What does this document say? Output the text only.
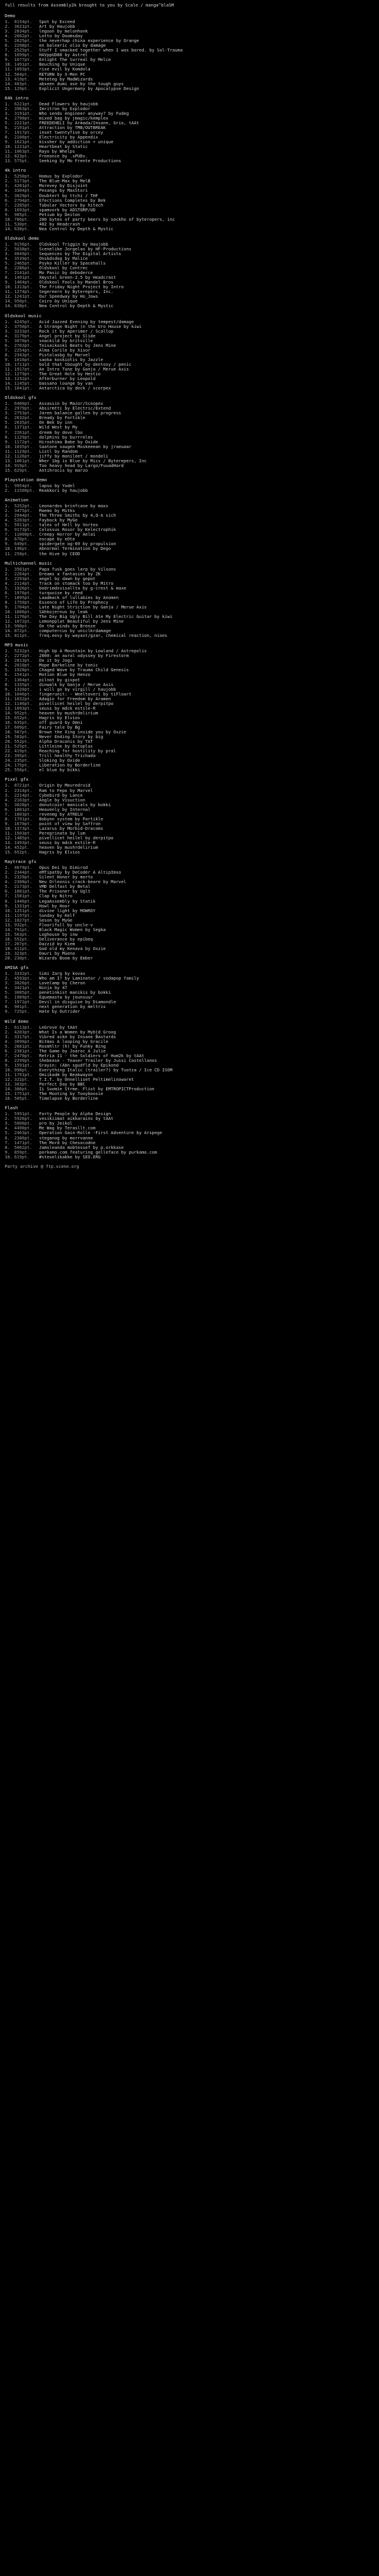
full results from Assembly2k brought to you by Scale / manga^blaSM
Demo
1. 8154pt. Spot by Exceed
2. 3621pt. Art by Haujobb
3. 2834pt. legoon by melonhonk
4. 2662pt. Lotto by Doomsday
5. 2625pt. the neverhap china experience by Orange
6. 2298pt. en balearic olio by damage
7. 2525pt. Stuff I smacked together when I was bored. by Sol-Trauma
8. 1699pt. HAVppUD88 by Astrel
9. 1677pt. Enlight The Surreal by Melce
10. 1491pt. Beuching by Unique
11. 1093pt. rise evil by Komdola
12. 564pt. RETURN by X-Men PC
13. 419pt. Meteteg by MadWizards
14. 403pt. abseen dumi ase by the tough guys
15. 129pt. Explicit Ungermany by Apocalypse Design
64k intro
1. 6221pt. Dead Flowers by haujobb
2. 3963pt. Imritron by Explodor
3. 3191pt. Who sends engineer anyway? by Fudeg
4. 2790pt. mixed bag by jmagic/kemplex
5. 2221pt. FREEDEHELI by Armada/Insane, Grio, tAAt
6. 2191pt. Attraction by TMB/OUTBREAK
7. 1917pt. inset twentyfive by orcey
8. 2100pt. Electricity by Appendix
9. 1621pt. kissher by addiction + unique
10. 1221pt. Heartbeat by Static
11. 1063pt. Rayo by Whelps
12. 823pt. Freeonce by .sPUDs.
13. 575pt. Seeking by Mo Frente Productions
4k intro
1. 5250pt. Homus by Explodor
2. 5173pt. The Blue-Max by MelB
3. 4281pt. Morevey by Disjoint
4. 3304pt. Pesangs by MaxStori
5. 3029pt. Doubtert by ttchi / THF
6. 2794pt. Efections Completes by Bek
7. 2285pt. Tubular Vectors by hitech
8. 1693pt. spamvork by ADSTORP/UD
9. 985pt. Petium by Deiton
10. 786pt. 200 bytes of party beers by sockho of byteropers, inc
11. 530pt. 402 by Headcrash
14. 638pt. Nea Control by Depth & Mystic
Oldskool demo
1. 9156pt. Oldskool Triggin by Haujobb
2. 5038pt. Scenelike Jorgelas by HF-Productions
3. 4049pt. Sequences by The Digital Artists
4. 3539pt. Onskdsdog by Malice
5. 2465pt. Psyko Killer by Spacehalls
6. 2286pt. Oldskool by Contrec
7. 2141pt. Mo Pasic by deboderce
8. 1491pt. Xmystal Green-2.5 by Headcrast
9. 1464pt. Oldskool Fools by Mandel Bros
10. 1313pt. The Friday Night Project by Intro
11. 1274pt. Segereern by Byterepers, Inc.
12. 1241pt. Our Speedway by Ho_Jows
14. 950pt. Coiro by Unique
14. 838pt. Nea Control by Depth & Mystic
Oldskool music
1. 4245pt. Acid Jazzed Evening by tempest/damage
2. 3750pt. A Strange Night (n the Uro House by kiwi
3. 3233pt. Rock it by Aperimer / Scallop
4. 3179pt. Angel project by Slide
5. 3070pt. snackild by britville
6. 2703pt. Toisaikoski Beats by Jens Mine
7. 2254pt. Alma Corile by Xisor
8. 2343pt. Pistolasbg by Marvel
9. 1016pt. saoka koskiotis by Jazzle
10. 1711pt. bold that tbought by dentoxy / penic
11. 1917pt. An Intro Tune by Ganja / Merue Axis
12. 1279pt. The Great Hole by Hestio
13. 1232pt. Afterburner by Leopold
14. 1145pt. bassano lounge by van
15. 1041pt. Antarctica by deck / scorpex
Oldskool gfx
1. 6400pt. Assassin by Mazor/Scoopex
2. 2979pt. Absirmtti by Electric/Extend
3. 2753pt. Jaren balance gallen by progress
4. 2632pt. Bready by Fortikle
5. 2635pt. On Bek by inn
6. 1371pt. Wild West by My
7. 2261pt. dreem by dove lbo
8. 1129pt. dolphins by burrreles
9. 1172pt. Hiroshima Babe by Oxide
10. 1035pt. Saatone saugen Moskeeean by jraeuaar
11. 1129pt. Listl by Random
12. 1126pt. jiffy by monileet / mondeli
13. 1061pt. Wher 1bg is Blue by Mics / Byterepers, Inc
14. 919pt. Too heavy head by Largo/FuuadHard
15. 629pt. Antihrocis by marzo
Playstation demo
1. 9954pt. lapso by Yodel
2. 11500pt. Reakkori by haujobb
Animation
1. 5252pt. Leonardos brinfcase by maxs
2. 3475pt. Maemo by Mitks
3. 2944pt. The Three Smiths by 4,Q-A sich
4. 5203pt. Faybock by MyGe
5. 5911pt. tales of Hell by Vortex
6. 9173pt. Colossus Rosor by Kelectrophik
7. 11000pt. Creepy Horror by Aelai
8. 670pt. escape by eOte
9. 649pt. spidergate og-69 by propulsion
10. 196pt. Abnormal Termination by Dego
11. 258pt. the Hive by CEOD
Multichannel music
1. 3501pt. Papa fusk goes larp by Vilsons
2. 2264pt. Dreams a fantasies by ZK
3. 2293pt. angel by dawn by gepot
4. 2114pt. Track on stomack too by Mitro
5. 1926pt. bodrimdsvisallta by g-crest & maxe
6. 1976pt. turquoise by reed
7. 1895pt. Laadmack of lullabies by Anomen
8. 1750pt. Essence of Life by Prophecy
9. 1704pt. Late Night Striction by Ganja / Merue Axis
10. 1606pt. SAhkojernus by leak
11. 1176pt. The Day Big Ugly Bill Ate My Electric Guitar by kiwi
12. 1072pt. Lemonpplat Beautiful by Jens Mine
13. 990pt. On the winds by Brenze
14. 872pt. computercus by uniclkrdamage
15. 811pt. freq.eesy by wayast/gzar, chemical reaction, nioes
MP3 music
1. 5232pt. High Up A Mountain by Lowland / Astrepolis
2. 2272pt. 2000: an aural odyssey by Firestorm
3. 2813pt. Do it by Jogi
4. 2010pt. Mope Barkeline by tonic
5. 1928pt. Chaged Wave by Trauma Child Genesis
6. 1541pt. Motion Blue by Henzo
7. 1364pt. pilnot by gispot
8. 1335pt. dinwalk by Ganja / Merue Axis
9. 1320pt. i will go by virgill / haujobb
10. 1046pt. fingerunit: - Weeltoveri by tiFloart
11. 1032pt. Adagio for Freedom by Aramen
12. 1146pt. pivellicet heilel by derpitpo
13. 1093pt. seuss by mdck estile-R
14. 952pt. heaven by mushrdelirium
15. 652pt. Hagris by Elvios
16. 635pt. off guard by Omni
17. 609pt. Fairy tale by Bg
18. 567pt. Brown the Xing inside you by Oxzie
19. 503pt. Never Ending Story by big
20. 552pt. Alpha Draconis by TAT
21. 525pt. Littleine by Octoplus
22. 419pt. Reaching for hostility by pral
23. 395pt. Trill healthy Trichada
24. 235pt. Sloking by Oxide
24. 175pt. Liberation by Borderline
25. 556pt. el blue by bikki
Pixel gfx
1. 8721pt. Origin by Meuredrvid
2. 2314pt. Ram to Fepo by Marvel
3. 2214pt. Cybebird by Lance
4. 2163pt. Angle by Visuction
5. 3028pt. donutcoin! manicals by bokki
6. 1801pt. Heavenly by Internal
7. 1803pt. revenmg by ATRELU
8. 1791pt. Bobynn system by Partikle
9. 1670pt. point of view by Saffron
10. 1373pt. Lazarus by Morbid-Dracoms
11. 1503pt. Peregrinato by lum
12. 1485pt. pivellicet heilel by derpitpo
13. 1493pt. seuss by mdck estile-R
14. 452pt. heaven by mushrdelirium
15. 652pt. Hagris by Elvios
Raytrace gfx
1. 4679pt. Opus Dei by Dimirod
2. 2344pt. eMTipatby by DeCoder A AltipImso
3. 2329pt. Silent Honor by morto
4. 2308pt. Neu Orleonis crack-beare by Marvel
5. 2173pt. VMD Delfast by Betal
6. 1881pt. The Prisoner by Uglt
7. 1581pt. Clap by Nitro
8. 1446pt. LegaAssembly by Statik
9. 1331pt. Howl by Hoor
10. 1251pt. divine light by MOWROY
11. 1197pt. Sunday by Kelf
12. 1027pt. Seson by MyGe
13. 932pt. Floorifull by uncle-v
14. 791pt. Black Magic Women by Segka
15. 563pt. Loghouse by inw
16. 552pt. Deliverance by epibeq
17. 267pt. Dazzid by Kiem
18. 411pt. God old my_Kenava by Oxzie
19. 323pt. Dauri by Mueno
20. 230pt. Wizards Boom by Ember
AMIGA gfx
1. 3332pt. Simi Zarg by kovax
2. 4593pt. Who am I? by Laminator / sodapop family
3. 3026pt. Lovelamp by Cheron
4. 3421pt. Ninja by 47
5. 3085pt. penetinkist manikis by bokki
6. 1989pt. Equemasta by jeunsuur
7. 1972pt. Devil in disguise by Diamondle
8. 901pt. next generation by meltris
9. 725pt. Hate by Outrider
Wild demo
1. 6113pt. LeGrove by tAAt
2. 4203pt. What Is a Women by Mybjd Groog
3. 3317pt. Vibred aikn by Insane Bastards
4. 3090pt. Bitmas A looping by Gracile
5. 2681pt. Rosmhltr (h) by Funky Bing
6. 2381pt. The Game by Joaroc A Julie
7. 2470pt. Retria 11 - the Soldiers of Hum2k by tAAt
8. 2299pt. Shebease - Teaser Trailer by Jussi Castellanos
9. 1591pt. Grayin: (Abn sgudfld by Epikond
10. 998pt. Everything Italic (trailer?) by Tuotza / Ice CD ISOM
11. 1791pt. Omiikadm by Beakwayon
12. 322pt. T.I.T. by Onnelliset Peltimelinowaret
13. 303pt. Perfect Day by BBC
14. 386pt. Ii Suomie Strme. Flist by EMTROPICTProduction
15. 1751pt. The Mooting by Tooyboosie
16. 505pt. Timelapse by Borderline
Flash
1. 5991pt. Forty People by Alpha Design
2. 5926pt. vesikiimat aikkarains by tAAt
3. 5000pt. pro by Jeikol
4. 4490pt. Me Wag by Terasllt.com
5. 2463pt. Operation Gain-Rolle -First Adventure by Arspege
6. 2386pt. steganog by morrvanne
7. 1471pt. The Mord by Chesocodne
8. 5062pt. Jamsleanda mobtessef by p.orkkase
9. 859pt. porkamo.com featuring gelleface by purkamo.com
10. 619pt. #steselikakke by SEO.ERG
Party archive @ ftp.scene.org
